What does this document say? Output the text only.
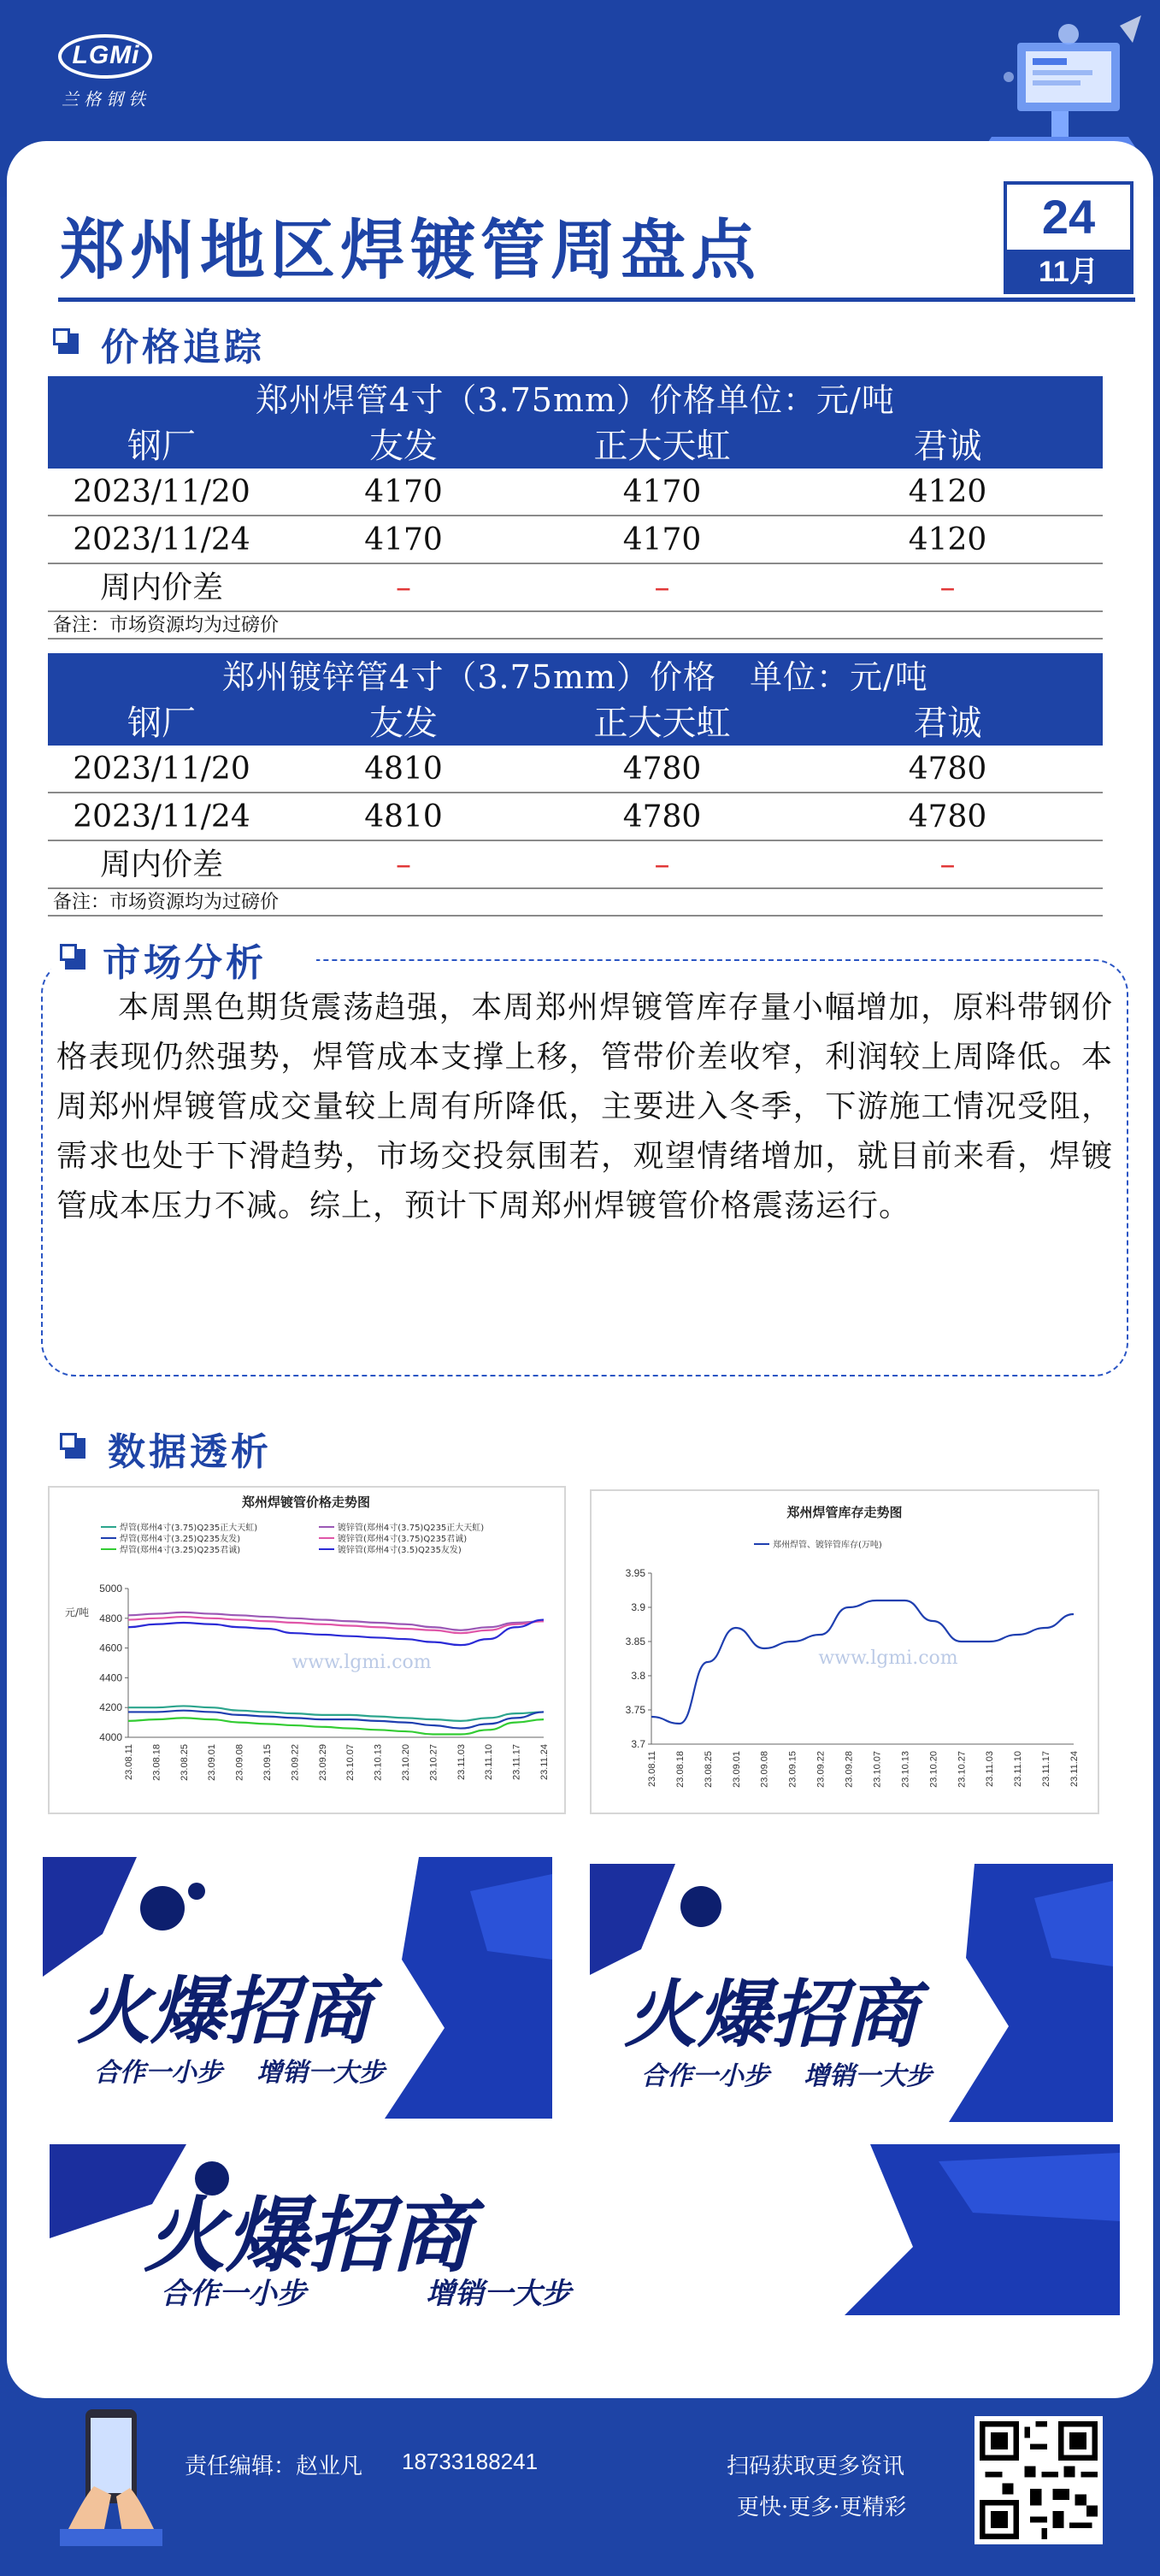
LGMi
兰格钢铁
郑州地区焊镀管周盘点	24
11月
价格追踪
郑州焊管4寸（3.75mm）价格单位：元/吨
钢厂	友发	正大天虹	君诚
2023/11/20	4170	4170	4120
2023/11/24	4170	4170	4120
周内价差	–	–	–
备注：市场资源均为过磅价
郑州镀锌管4寸（3.75mm）价格　单位：元/吨
钢厂	友发	正大天虹	君诚
2023/11/20	4810	4780	4780
2023/11/24	4810	4780	4780
周内价差	–	–	–
备注：市场资源均为过磅价
市场分析
本周黑色期货震荡趋强，本周郑州焊镀管库存量小幅增加，原料带钢价格表现仍然强势，焊管成本支撑上移，管带价差收窄，利润较上周降低。本周郑州焊镀管成交量较上周有所降低，主要进入冬季，下游施工情况受阻，需求也处于下滑趋势，市场交投氛围若，观望情绪增加，就目前来看，焊镀管成本压力不减。综上，预计下周郑州焊镀管价格震荡运行。
数据透析
郑州焊镀管价格走势图
www.lgmi.com
4000
4200
4400
4600
4800
5000
23.08.11 23.08.18 23.08.25 23.09.01 23.09.08 23.09.15 23.09.22 23.09.29 23.10.07 23.10.13 23.10.20 23.10.27 23.11.03 23.11.10 23.11.17 23.11.24
焊管(郑州4寸(3.75)Q235正大天虹)	镀锌管(郑州4寸(3.75)Q235正大天虹)
焊管(郑州4寸(3.25)Q235友发)	镀锌管(郑州4寸(3.75)Q235君诚)
焊管(郑州4寸(3.25)Q235君诚)	镀锌管(郑州4寸(3.5)Q235友发)
元/吨
郑州焊管库存走势图
www.lgmi.com
3.7
3.75
3.8
3.85
3.9
3.95
23.08.11 23.08.18 23.08.25 23.09.01 23.09.08 23.09.15 23.09.22 23.09.28 23.10.07 23.10.13 23.10.20 23.10.27 23.11.03 23.11.10 23.11.17 23.11.24
郑州焊管、镀锌管库存(万吨)
火爆招商
合作一小步 增销一大步
火爆招商
合作一小步 增销一大步
火爆招商
合作一小步	增销一大步
责任编辑：赵业凡 18733188241	扫码获取更多资讯
更快·更多·更精彩
